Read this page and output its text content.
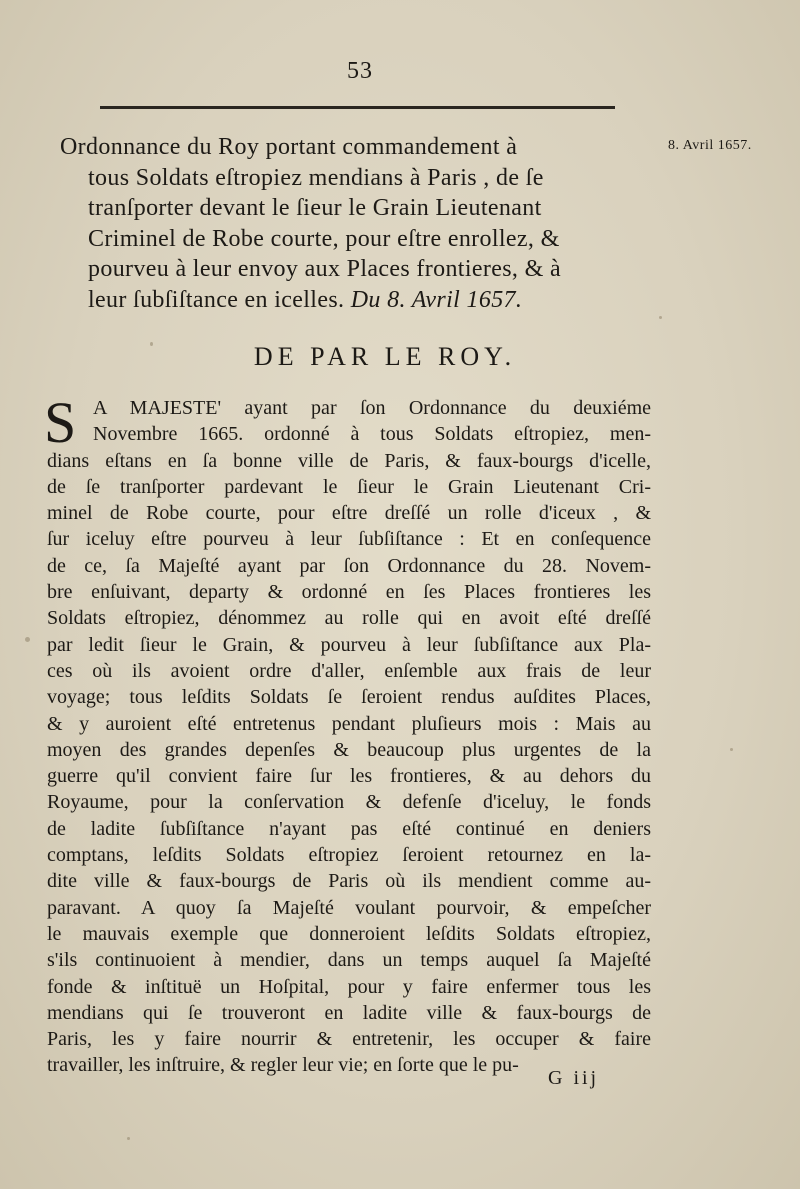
53
8. Avril 1657.
Ordonnance du Roy portant commandement à
tous Soldats eſtropiez mendians à Paris , de ſe
tranſporter devant le ſieur le Grain Lieutenant
Criminel de Robe courte, pour eſtre enrollez, &
pourveu à leur envoy aux Places frontieres, & à
leur ſubſiſtance en icelles. Du 8. Avril 1657.
DE PAR LE ROY.
S A MAJESTE' ayant par ſon Ordonnance du deuxiéme
Novembre 1665. ordonné à tous Soldats eſtropiez, men-
dians eſtans en ſa bonne ville de Paris, & faux-bourgs d'icelle,
de ſe tranſporter pardevant le ſieur le Grain Lieutenant Cri-
minel de Robe courte, pour eſtre dreſſé un rolle d'iceux , &
ſur iceluy eſtre pourveu à leur ſubſiſtance : Et en conſequence
de ce, ſa Majeſté ayant par ſon Ordonnance du 28. Novem-
bre enſuivant, departy & ordonné en ſes Places frontieres les
Soldats eſtropiez, dénommez au rolle qui en avoit eſté dreſſé
par ledit ſieur le Grain, & pourveu à leur ſubſiſtance aux Pla-
ces où ils avoient ordre d'aller, enſemble aux frais de leur
voyage; tous leſdits Soldats ſe ſeroient rendus auſdites Places,
& y auroient eſté entretenus pendant pluſieurs mois : Mais au
moyen des grandes depenſes & beaucoup plus urgentes de la
guerre qu'il convient faire ſur les frontieres, & au dehors du
Royaume, pour la conſervation & defenſe d'iceluy, le fonds
de ladite ſubſiſtance n'ayant pas eſté continué en deniers
comptans, leſdits Soldats eſtropiez ſeroient retournez en la-
dite ville & faux-bourgs de Paris où ils mendient comme au-
paravant. A quoy ſa Majeſté voulant pourvoir, & empeſcher
le mauvais exemple que donneroient leſdits Soldats eſtropiez,
s'ils continuoient à mendier, dans un temps auquel ſa Majeſté
fonde & inſtituë un Hoſpital, pour y faire enfermer tous les
mendians qui ſe trouveront en ladite ville & faux-bourgs de
Paris, les y faire nourrir & entretenir, les occuper & faire
travailler, les inſtruire, & regler leur vie; en ſorte que le pu-
G iij
